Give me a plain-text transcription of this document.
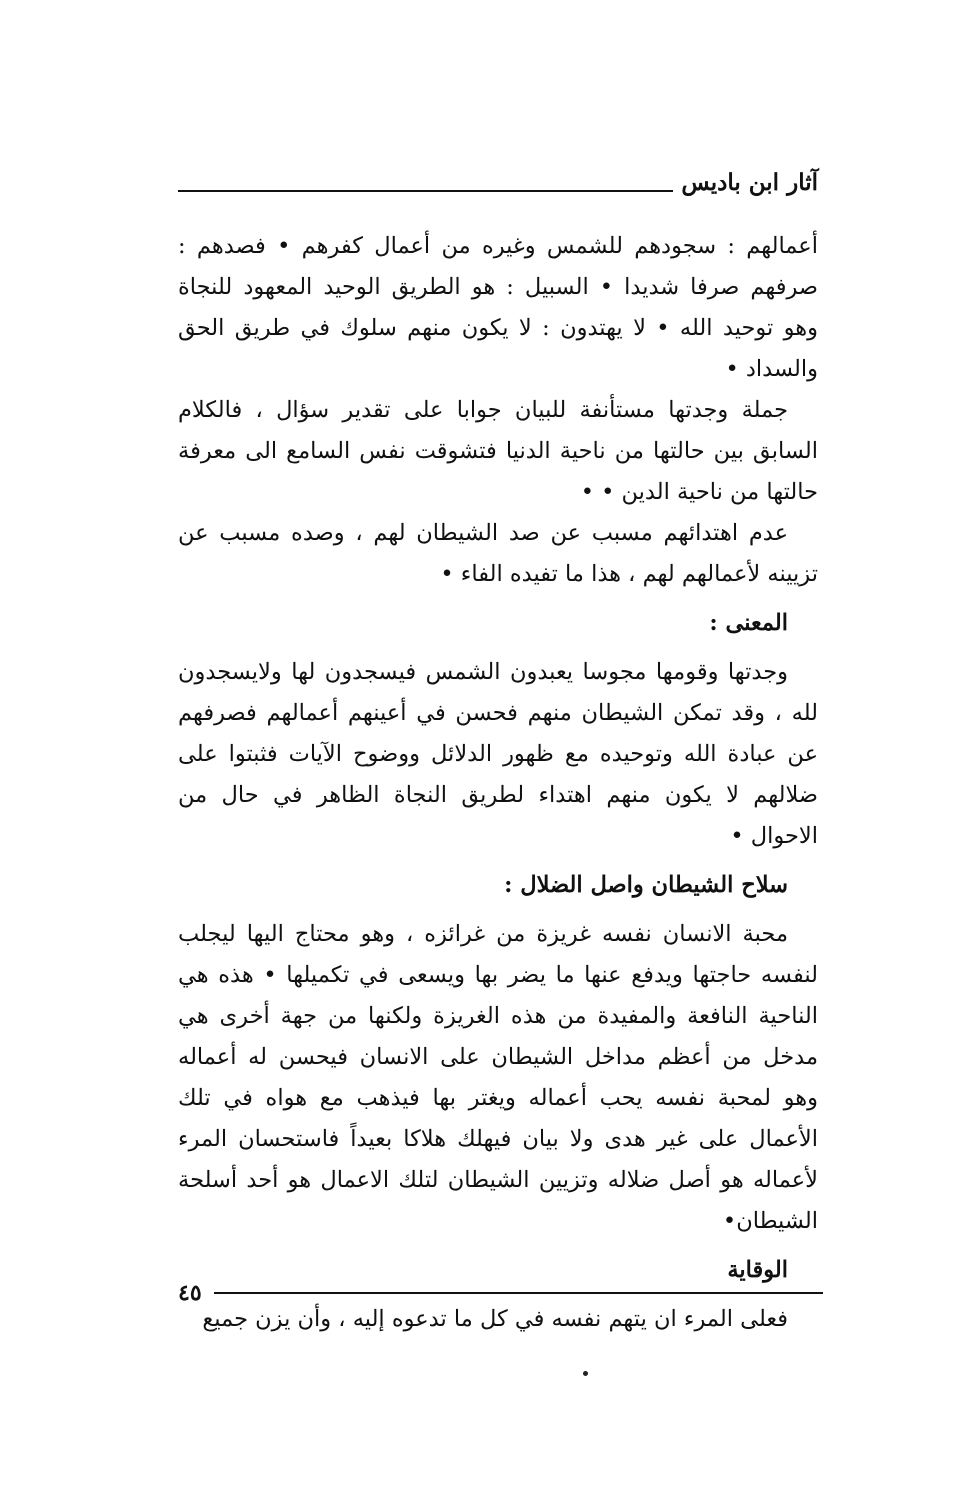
آثار ابن باديس

أعمالهم : سجودهم للشمس وغيره من أعمال كفرهم • فصدهم : صرفهم صرفا شديدا • السبيل : هو الطريق الوحيد المعهود للنجاة وهو توحيد الله • لا يهتدون : لا يكون منهم سلوك في طريق الحق والسداد •

جملة وجدتها مستأنفة للبيان جوابا على تقدير سؤال ، فالكلام السابق بين حالتها من ناحية الدنيا فتشوقت نفس السامع الى معرفة حالتها من ناحية الدين • •

عدم اهتدائهم مسبب عن صد الشيطان لهم ، وصده مسبب عن تزيينه لأعمالهم لهم ، هذا ما تفيده الفاء •

المعنى :

وجدتها وقومها مجوسا يعبدون الشمس فيسجدون لها ولايسجدون لله ، وقد تمكن الشيطان منهم فحسن في أعينهم أعمالهم فصرفهم عن عبادة الله وتوحيده مع ظهور الدلائل ووضوح الآيات فثبتوا على ضلالهم لا يكون منهم اهتداء لطريق النجاة الظاهر في حال من الاحوال •

سلاح الشيطان واصل الضلال :

محبة الانسان نفسه غريزة من غرائزه ، وهو محتاج اليها ليجلب لنفسه حاجتها ويدفع عنها ما يضر بها ويسعى في تكميلها • هذه هي الناحية النافعة والمفيدة من هذه الغريزة ولكنها من جهة أخرى هي مدخل من أعظم مداخل الشيطان على الانسان فيحسن له أعماله وهو لمحبة نفسه يحب أعماله ويغتر بها فيذهب مع هواه في تلك الأعمال على غير هدى ولا بيان فيهلك هلاكا بعيداً فاستحسان المرء لأعماله هو أصل ضلاله وتزيين الشيطان لتلك الاعمال هو أحد أسلحة الشيطان•

الوقاية

فعلى المرء ان يتهم نفسه في كل ما تدعوه إليه ، وأن يزن جميع

٤٥
